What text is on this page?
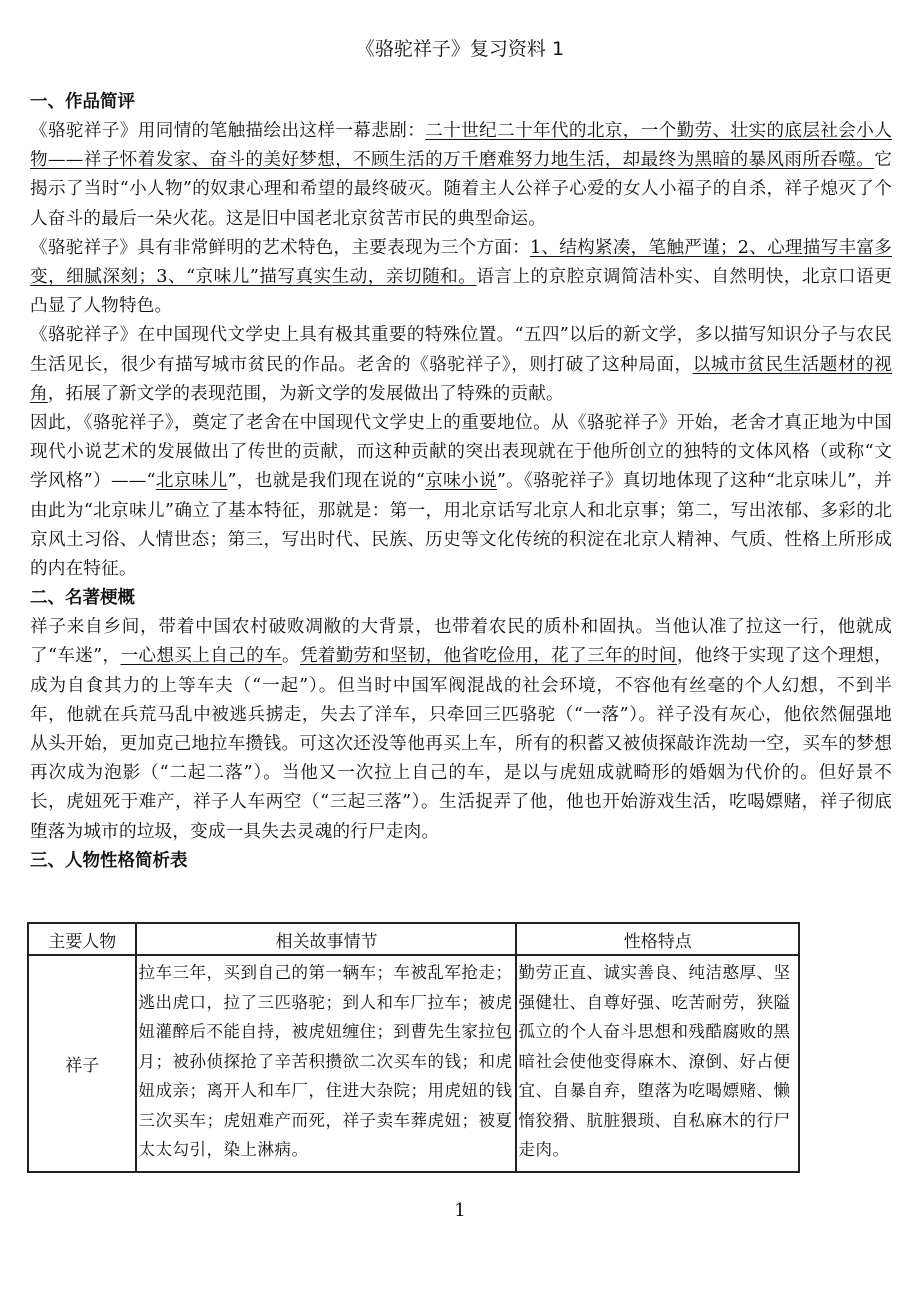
《骆驼祥子》复习资料 1
一、作品简评

《骆驼祥子》用同情的笔触描绘出这样一幕悲剧：二十世纪二十年代的北京，一个勤劳、壮实的底层社会小人物——祥子怀着发家、奋斗的美好梦想，不顾生活的万千磨难努力地生活，却最终为黑暗的暴风雨所吞噬。它揭示了当时“小人物”的奴隶心理和希望的最终破灭。随着主人公祥子心爱的女人小福子的自杀，祥子熄灭了个人奋斗的最后一朵火花。这是旧中国老北京贫苦市民的典型命运。

《骆驼祥子》具有非常鲜明的艺术特色，主要表现为三个方面：1、结构紧凑，笔触严谨；2、心理描写丰富多变，细腻深刻；3、“京味儿”描写真实生动，亲切随和。语言上的京腔京调简洁朴实、自然明快，北京口语更凸显了人物特色。

《骆驼祥子》在中国现代文学史上具有极其重要的特殊位置。“五四”以后的新文学，多以描写知识分子与农民生活见长，很少有描写城市贫民的作品。老舍的《骆驼祥子》，则打破了这种局面，以城市贫民生活题材的视角，拓展了新文学的表现范围，为新文学的发展做出了特殊的贡献。

因此，《骆驼祥子》，奠定了老舍在中国现代文学史上的重要地位。从《骆驼祥子》开始，老舍才真正地为中国现代小说艺术的发展做出了传世的贡献，而这种贡献的突出表现就在于他所创立的独特的文体风格（或称“文学风格”）——“北京味儿”，也就是我们现在说的“京味小说”。《骆驼祥子》真切地体现了这种“北京味儿”，并由此为“北京味儿”确立了基本特征，那就是：第一，用北京话写北京人和北京事；第二，写出浓郁、多彩的北京风土习俗、人情世态；第三，写出时代、民族、历史等文化传统的积淀在北京人精神、气质、性格上所形成的内在特征。

二、名著梗概

祥子来自乡间，带着中国农村破败凋敝的大背景，也带着农民的质朴和固执。当他认准了拉这一行，他就成了“车迷”，一心想买上自己的车。凭着勤劳和坚韧，他省吃俭用，花了三年的时间，他终于实现了这个理想，成为自食其力的上等车夫（“一起”）。但当时中国军阀混战的社会环境，不容他有丝毫的个人幻想，不到半年，他就在兵荒马乱中被逃兵掳走，失去了洋车，只牵回三匹骆驼（“一落”）。祥子没有灰心，他依然倔强地从头开始，更加克己地拉车攒钱。可这次还没等他再买上车，所有的积蓄又被侦探敲诈洗劫一空，买车的梦想再次成为泡影（“二起二落”）。当他又一次拉上自己的车，是以与虎妞成就畸形的婚姻为代价的。但好景不长，虎妞死于难产，祥子人车两空（“三起三落”）。生活捉弄了他，他也开始游戏生活，吃喝嫖赌，祥子彻底堕落为城市的垃圾，变成一具失去灵魂的行尸走肉。

三、人物性格简析表
主要人物	相关故事情节	性格特点
祥子	拉车三年，买到自己的第一辆车；车被乱军抢走；逃出虎口，拉了三匹骆驼；到人和车厂拉车；被虎妞灌醉后不能自持，被虎妞缠住；到曹先生家拉包月；被孙侦探抢了辛苦积攒欲二次买车的钱；和虎妞成亲；离开人和车厂，住进大杂院；用虎妞的钱三次买车；虎妞难产而死，祥子卖车葬虎妞；被夏太太勾引，染上淋病。	勤劳正直、诚实善良、纯洁憨厚、坚强健壮、自尊好强、吃苦耐劳，狭隘孤立的个人奋斗思想和残酷腐败的黑暗社会使他变得麻木、潦倒、好占便宜、自暴自弃，堕落为吃喝嫖赌、懒惰狡猾、肮脏猥琐、自私麻木的行尸走肉。
1
